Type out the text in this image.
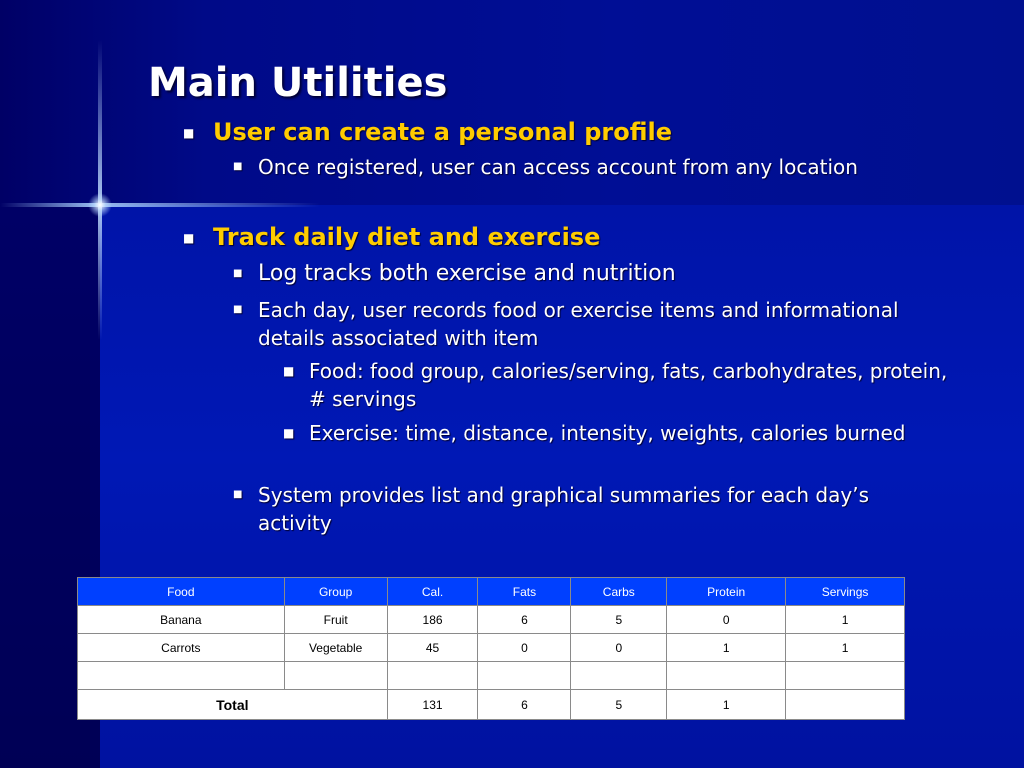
Main Utilities
■ User can create a personal profile
■ Once registered, user can access account from any location
■ Track daily diet and exercise
■ Log tracks both exercise and nutrition
■ Each day, user records food or exercise items and informational details associated with item
■ Food: food group, calories/serving, fats, carbohydrates, protein, # servings
■ Exercise: time, distance, intensity, weights, calories burned
■ System provides list and graphical summaries for each day’s activity
Food	Group	Cal.	Fats	Carbs	Protein	Servings
Banana	Fruit	186	6	5	0	1
Carrots	Vegetable	45	0	0	1	1

Total		131	6	5	1	
